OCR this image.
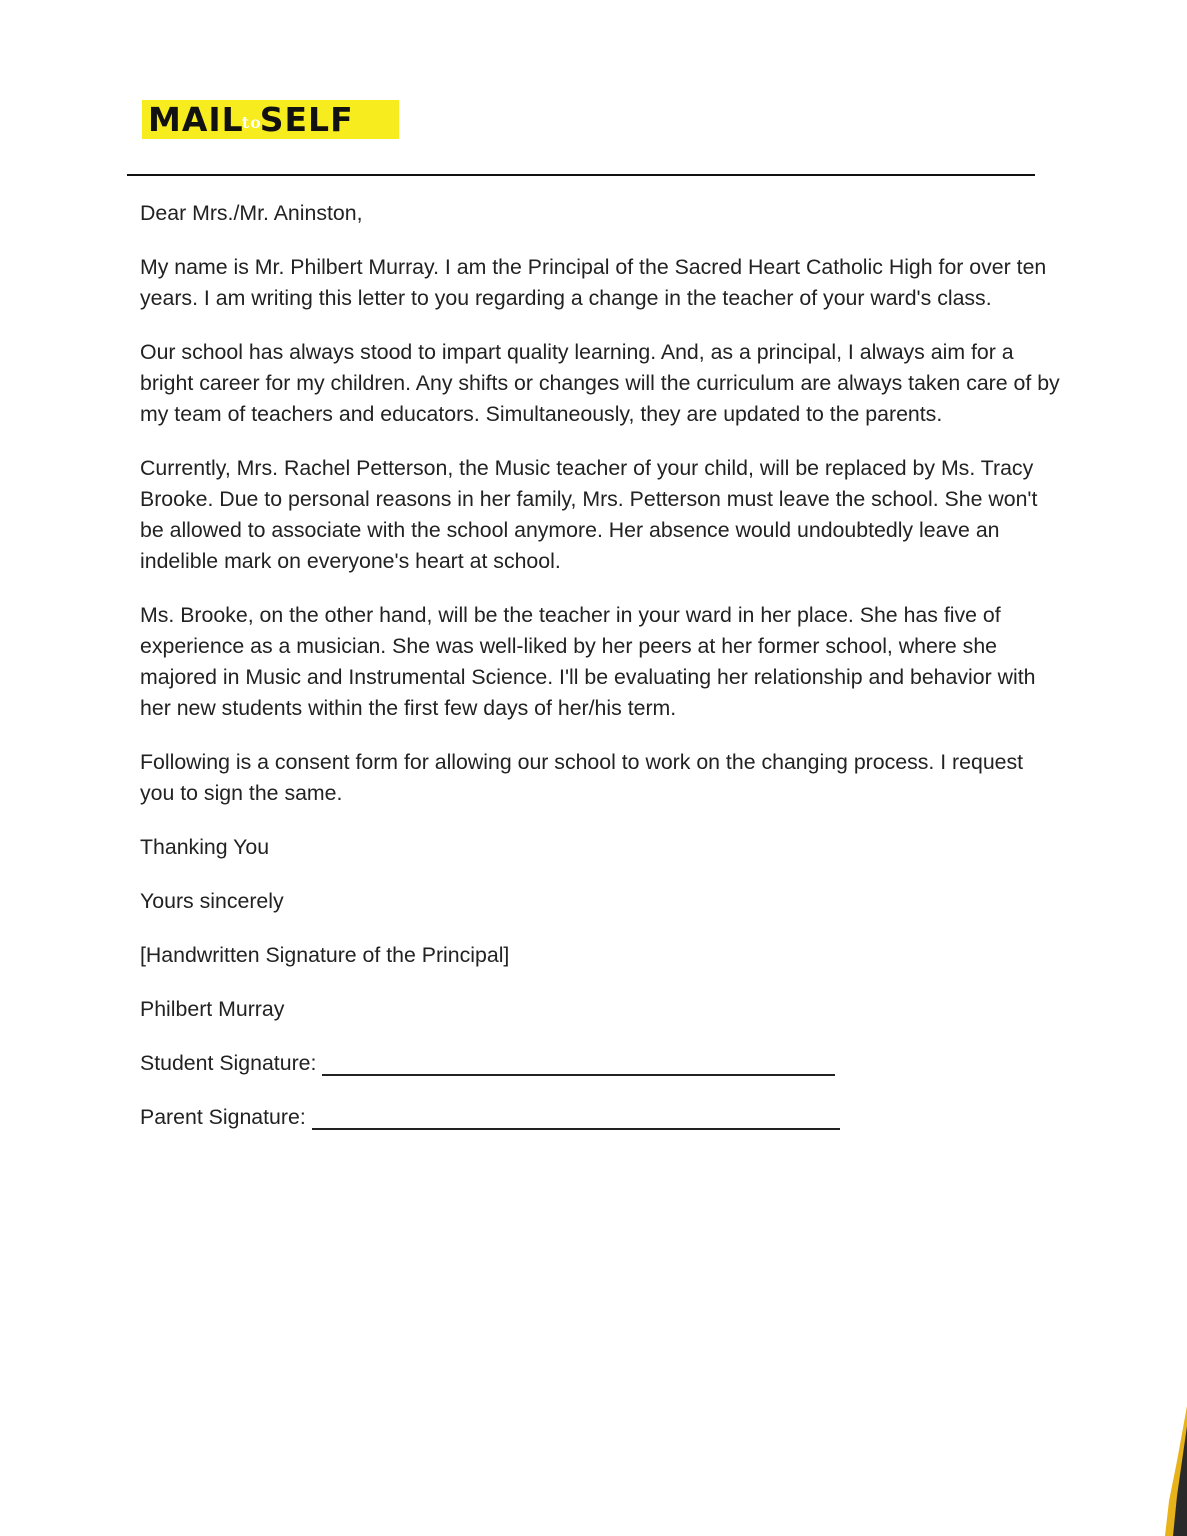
MAILtoSELF

Dear Mrs./Mr. Aninston,

My name is Mr. Philbert Murray. I am the Principal of the Sacred Heart Catholic High for over ten years. I am writing this letter to you regarding a change in the teacher of your ward's class.

Our school has always stood to impart quality learning. And, as a principal, I always aim for a bright career for my children. Any shifts or changes will the curriculum are always taken care of by my team of teachers and educators. Simultaneously, they are updated to the parents.

Currently, Mrs. Rachel Petterson, the Music teacher of your child, will be replaced by Ms. Tracy Brooke. Due to personal reasons in her family, Mrs. Petterson must leave the school. She won't be allowed to associate with the school anymore. Her absence would undoubtedly leave an indelible mark on everyone's heart at school.

Ms. Brooke, on the other hand, will be the teacher in your ward in her place. She has five of experience as a musician. She was well-liked by her peers at her former school, where she majored in Music and Instrumental Science. I'll be evaluating her relationship and behavior with her new students within the first few days of her/his term.

Following is a consent form for allowing our school to work on the changing process. I request you to sign the same.

Thanking You

Yours sincerely

[Handwritten Signature of the Principal]

Philbert Murray

Student Signature:

Parent Signature:
